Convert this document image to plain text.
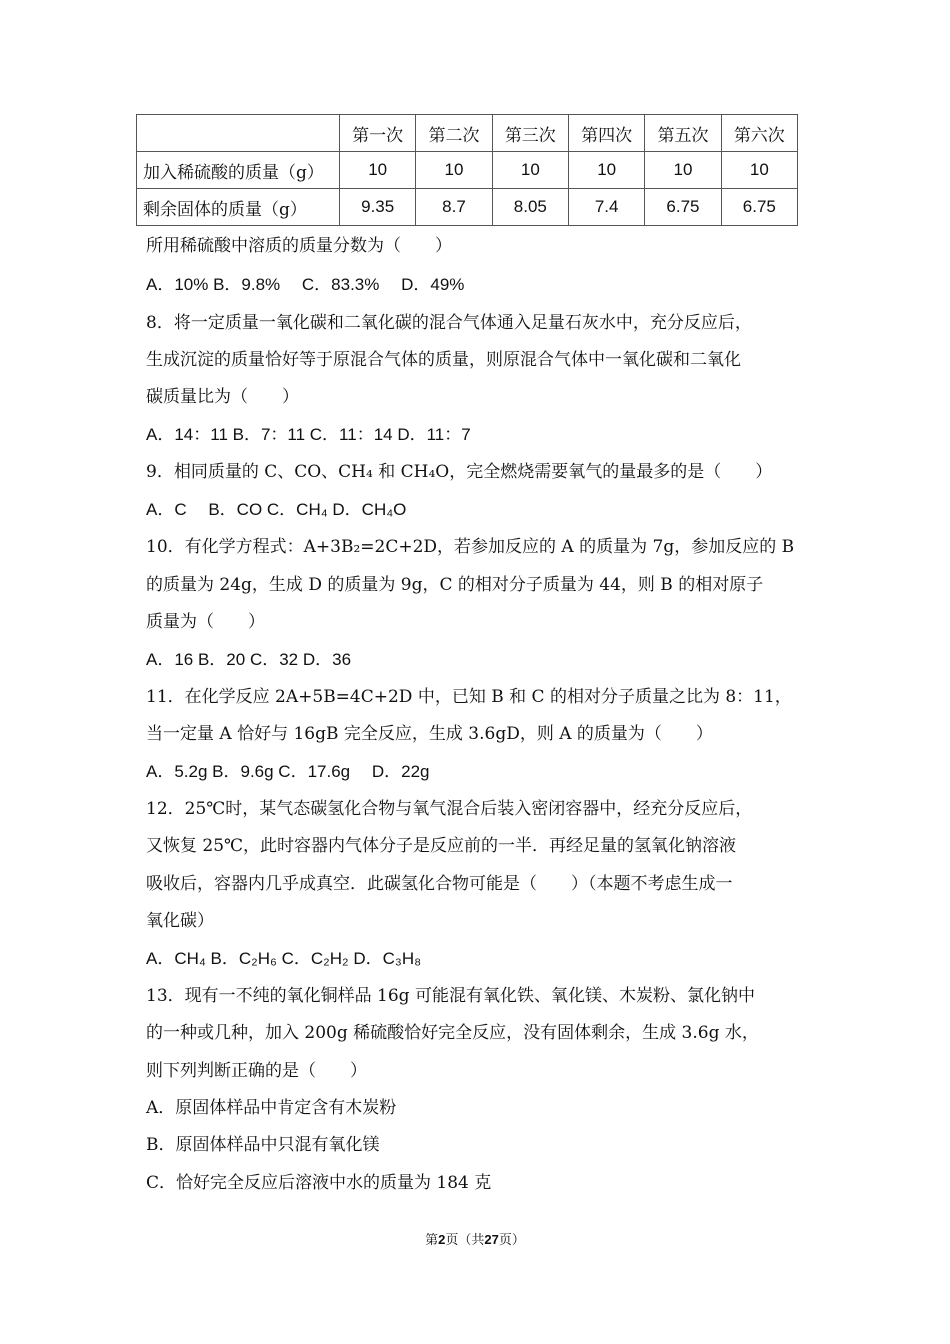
	第一次	第二次	第三次	第四次	第五次	第六次
加入稀硫酸的质量（g）	10	10	10	10	10	10
剩余固体的质量（g）	9.35	8.7	8.05	7.4	6.75	6.75
所用稀硫酸中溶质的质量分数为（　　）
A．10% B．9.8%　 C．83.3%　 D．49%
8．将一定质量一氧化碳和二氧化碳的混合气体通入足量石灰水中，充分反应后，
生成沉淀的质量恰好等于原混合气体的质量，则原混合气体中一氧化碳和二氧化
碳质量比为（　　）
A．14：11 B．7：11 C．11：14 D．11：7
9．相同质量的 C、CO、CH₄ 和 CH₄O，完全燃烧需要氧气的量最多的是（　　）
A．C　 B．CO C．CH₄ D．CH₄O
10．有化学方程式：A+3B₂=2C+2D，若参加反应的 A 的质量为 7g，参加反应的 B
的质量为 24g，生成 D 的质量为 9g，C 的相对分子质量为 44，则 B 的相对原子
质量为（　　）
A．16 B．20 C．32 D．36
11．在化学反应 2A+5B=4C+2D 中，已知 B 和 C 的相对分子质量之比为 8：11，
当一定量 A 恰好与 16gB 完全反应，生成 3.6gD，则 A 的质量为（　　）
A．5.2g B．9.6g C．17.6g　 D．22g
12．25℃时，某气态碳氢化合物与氧气混合后装入密闭容器中，经充分反应后，
又恢复 25℃，此时容器内气体分子是反应前的一半．再经足量的氢氧化钠溶液
吸收后，容器内几乎成真空．此碳氢化合物可能是（　　）（本题不考虑生成一
氧化碳）
A．CH₄ B．C₂H₆ C．C₂H₂ D．C₃H₈
13．现有一不纯的氧化铜样品 16g 可能混有氧化铁、氧化镁、木炭粉、氯化钠中
的一种或几种，加入 200g 稀硫酸恰好完全反应，没有固体剩余，生成 3.6g 水，
则下列判断正确的是（　　）
A．原固体样品中肯定含有木炭粉
B．原固体样品中只混有氧化镁
C．恰好完全反应后溶液中水的质量为 184 克
第2页（共27页）
